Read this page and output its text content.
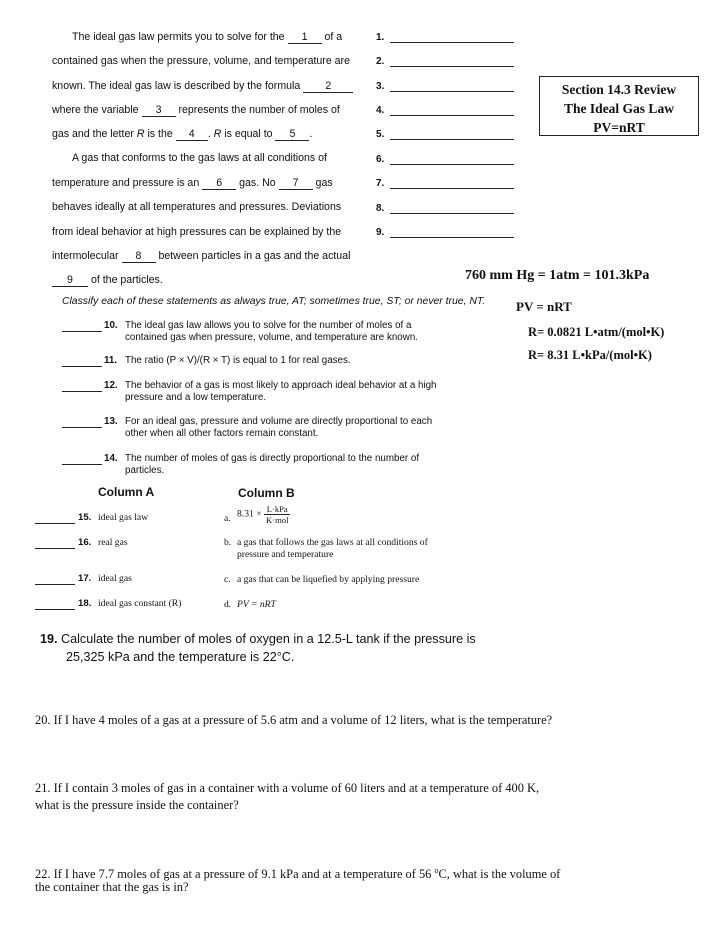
The ideal gas law permits you to solve for the 1 of a
contained gas when the pressure, volume, and temperature are
known. The ideal gas law is described by the formula 2
where the variable 3 represents the number of moles of
gas and the letter R is the 4 . R is equal to 5 .
A gas that conforms to the gas laws at all conditions of
temperature and pressure is an 6 gas. No 7 gas
behaves ideally at all temperatures and pressures. Deviations
from ideal behavior at high pressures can be explained by the
intermolecular 8 between particles in a gas and the actual
9 of the particles.
1.
2.
3.
4.
5.
6.
7.
8.
9.
Section 14.3 Review
The Ideal Gas Law
PV=nRT
760 mm Hg = 1atm = 101.3kPa
PV = nRT
R= 0.0821 L•atm/(mol•K)
R= 8.31 L•kPa/(mol•K)
Classify each of these statements as always true, AT; sometimes true, ST; or never true, NT.
10. The ideal gas law allows you to solve for the number of moles of a
contained gas when pressure, volume, and temperature are known.
11. The ratio (P × V)/(R × T) is equal to 1 for real gases.
12. The behavior of a gas is most likely to approach ideal behavior at a high
pressure and a low temperature.
13. For an ideal gas, pressure and volume are directly proportional to each
other when all other factors remain constant.
14. The number of moles of gas is directly proportional to the number of
particles.
Column A	Column B
15. ideal gas law	a. $8.31 \times \frac{\text{L·kPa}}{\text{K·mol}}$
16. real gas	b. a gas that follows the gas laws at all conditions of
pressure and temperature
17. ideal gas	c. a gas that can be liquefied by applying pressure
18. ideal gas constant (R)	d. PV = nRT
19. Calculate the number of moles of oxygen in a 12.5-L tank if the pressure is
25,325 kPa and the temperature is 22°C.
20. If I have 4 moles of a gas at a pressure of 5.6 atm and a volume of 12 liters, what is the temperature?
21. If I contain 3 moles of gas in a container with a volume of 60 liters and at a temperature of 400 K,
what is the pressure inside the container?
22. If I have 7.7 moles of gas at a pressure of 9.1 kPa and at a temperature of 56 $^o$C, what is the volume of
the container that the gas is in?
